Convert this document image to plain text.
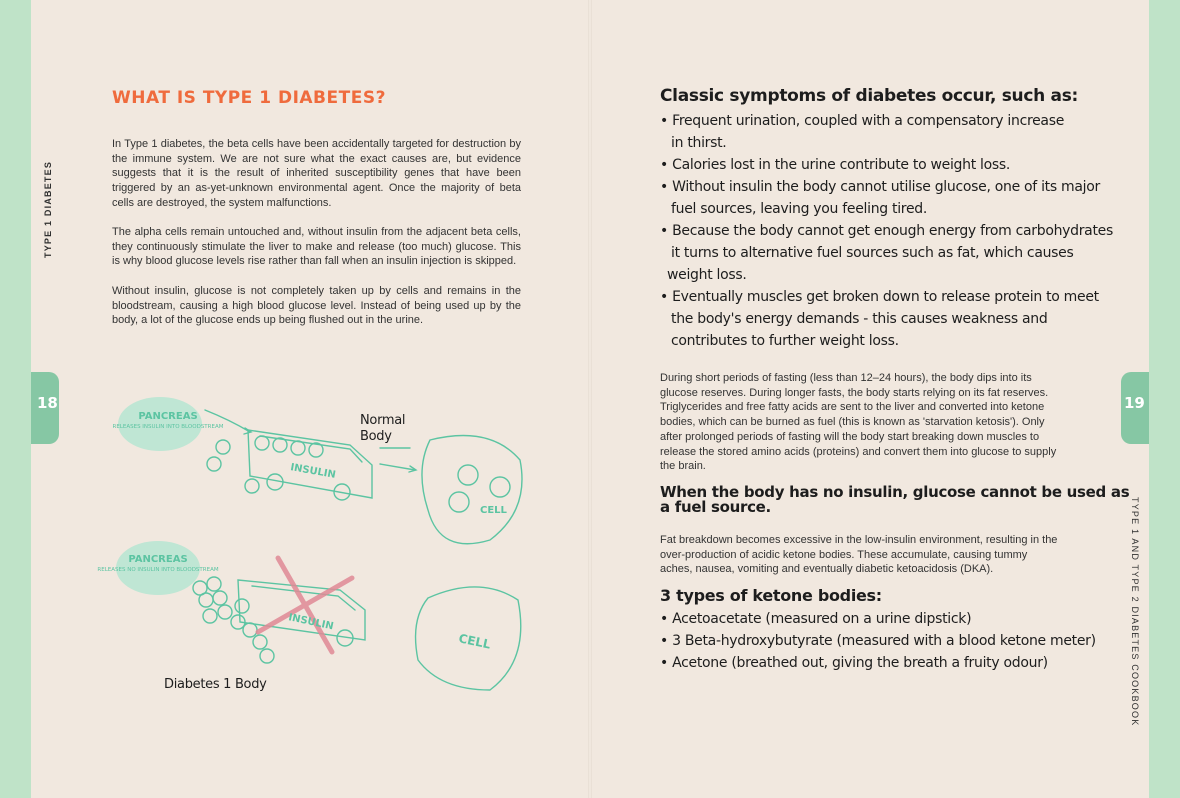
18	19
TYPE 1 DIABETES
TYPE 1 AND TYPE 2 DIABETES COOKBOOK
WHAT IS TYPE 1 DIABETES?
In Type 1 diabetes, the beta cells have been accidentally targeted for destruction by the immune system. We are not sure what the exact causes are, but evidence suggests that it is the result of inherited susceptibility genes that have been triggered by an as-yet-unknown environmental agent. Once the majority of beta cells are destroyed, the system malfunctions.
The alpha cells remain untouched and, without insulin from the adjacent beta cells, they continuously stimulate the liver to make and release (too much) glucose. This is why blood glucose levels rise rather than fall when an insulin injection is skipped.
Without insulin, glucose is not completely taken up by cells and remains in the bloodstream, causing a high blood glucose level. Instead of being used up by the body, a lot of the glucose ends up being flushed out in the urine.
PANCREAS
RELEASES INSULIN INTO BLOODSTREAM
INSULIN
CELL
PANCREAS
RELEASES NO INSULIN INTO BLOODSTREAM
INSULIN
CELL
Normal Body
Diabetes 1 Body
Classic symptoms of diabetes occur, such as:
• Frequent urination, coupled with a compensatory increase
in thirst.
• Calories lost in the urine contribute to weight loss.
• Without insulin the body cannot utilise glucose, one of its major
fuel sources, leaving you feeling tired.
• Because the body cannot get enough energy from carbohydrates
it turns to alternative fuel sources such as fat, which causes
weight loss.
• Eventually muscles get broken down to release protein to meet
the body's energy demands - this causes weakness and
contributes to further weight loss.
During short periods of fasting (less than 12–24 hours), the body dips into its glucose reserves. During longer fasts, the body starts relying on its fat reserves. Triglycerides and free fatty acids are sent to the liver and converted into ketone bodies, which can be burned as fuel (this is known as 'starvation ketosis'). Only after prolonged periods of fasting will the body start breaking down muscles to release the stored amino acids (proteins) and convert them into glucose to supply the brain.
When the body has no insulin, glucose cannot be used as
a fuel source.
Fat breakdown becomes excessive in the low-insulin environment, resulting in the over-production of acidic ketone bodies. These accumulate, causing tummy aches, nausea, vomiting and eventually diabetic ketoacidosis (DKA).
3 types of ketone bodies:
• Acetoacetate (measured on a urine dipstick)
• 3 Beta-hydroxybutyrate (measured with a blood ketone meter)
• Acetone (breathed out, giving the breath a fruity odour)
